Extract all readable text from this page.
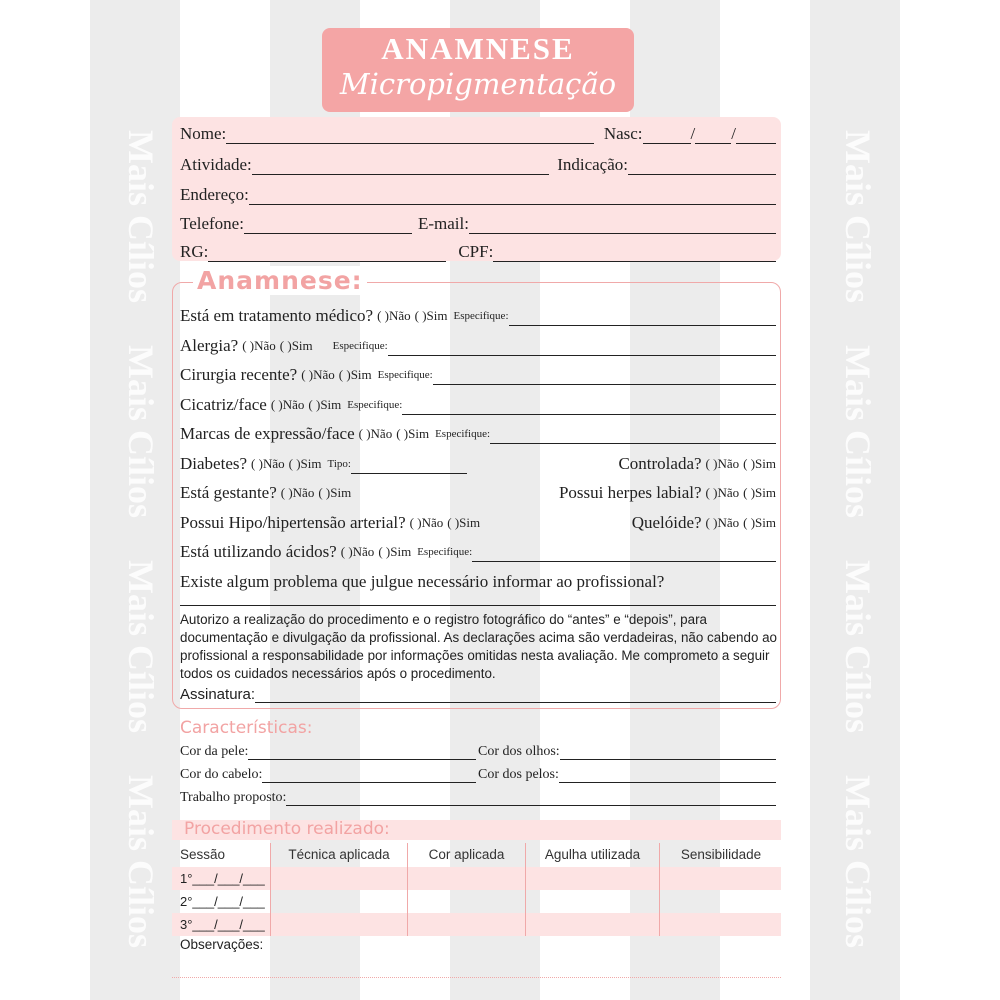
Mais Cílios
Mais Cílios
Mais Cílios
Mais Cílios
Mais Cílios
Mais Cílios
Mais Cílios
Mais Cílios
ANAMNESE
Micropigmentação
Nome:	Nasc:	/ /
Atividade:	Indicação:
Endereço:
Telefone:	E-mail:
RG:	CPF:
Anamnese:
Está em tratamento médico? ( )Não ( )Sim Especifique:
Alergia? ( )Não ( )Sim Especifique:
Cirurgia recente? ( )Não ( )Sim Especifique:
Cicatriz/face ( )Não ( )Sim Especifique:
Marcas de expressão/face ( )Não ( )Sim Especifique:
Diabetes? ( )Não ( )Sim Tipo:	Controlada? ( )Não ( )Sim
Está gestante? ( )Não ( )Sim	Possui herpes labial? ( )Não ( )Sim
Possui Hipo/hipertensão arterial? ( )Não ( )Sim	Quelóide? ( )Não ( )Sim
Está utilizando ácidos? ( )Não ( )Sim Especifique:
Existe algum problema que julgue necessário informar ao profissional?
Autorizo a realização do procedimento e o registro fotográfico do “antes” e “depois”, para documentação e divulgação da profissional. As declarações acima são verdadeiras, não cabendo ao profissional a responsabilidade por informações omitidas nesta avaliação. Me comprometo a seguir todos os cuidados necessários após o procedimento.
Assinatura:
Características:
Cor da pele:	Cor dos olhos:
Cor do cabelo:	Cor dos pelos:
Trabalho proposto:
Procedimento realizado:
Sessão	Técnica aplicada	Cor aplicada	Agulha utilizada	Sensibilidade
1°___/___/___
2°___/___/___
3°___/___/___
Observações:
